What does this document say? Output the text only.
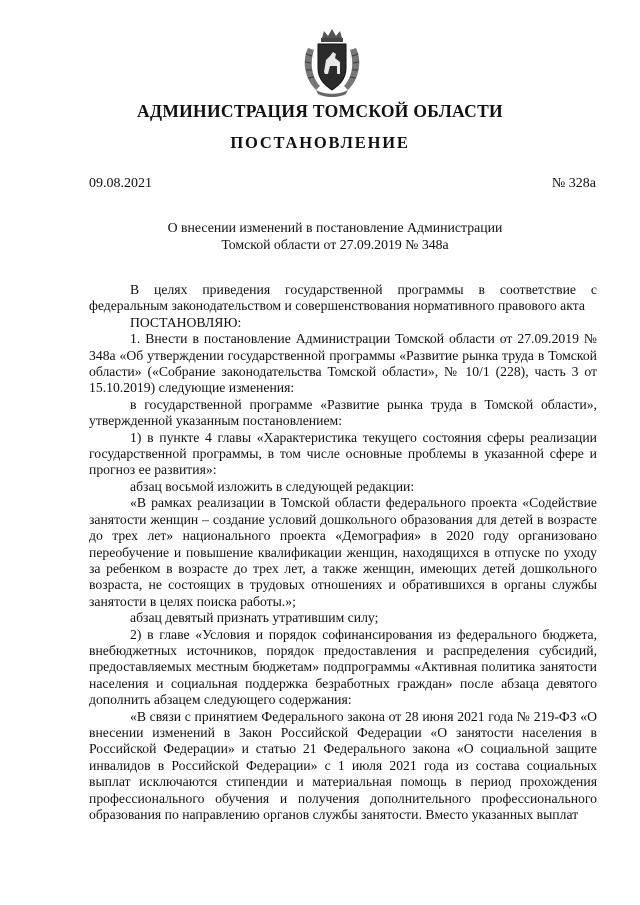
АДМИНИСТРАЦИЯ ТОМСКОЙ ОБЛАСТИ
ПОСТАНОВЛЕНИЕ
09.08.2021	№ 328а
О внесении изменений в постановление Администрации
Томской области от 27.09.2019 № 348а

В целях приведения государственной программы в соответствие с федеральным законодательством и совершенствования нормативного правового акта

ПОСТАНОВЛЯЮ:

1. Внести в постановление Администрации Томской области от 27.09.2019 № 348а «Об утверждении государственной программы «Развитие рынка труда в Томской области» («Собрание законодательства Томской области», № 10/1 (228), часть 3 от 15.10.2019) следующие изменения:

в государственной программе «Развитие рынка труда в Томской области», утвержденной указанным постановлением:

1) в пункте 4 главы «Характеристика текущего состояния сферы реализации государственной программы, в том числе основные проблемы в указанной сфере и прогноз ее развития»:

абзац восьмой изложить в следующей редакции:

«В рамках реализации в Томской области федерального проекта «Содействие занятости женщин – создание условий дошкольного образования для детей в возрасте до трех лет» национального проекта «Демография» в 2020 году организовано переобучение и повышение квалификации женщин, находящихся в отпуске по уходу за ребенком в возрасте до трех лет, а также женщин, имеющих детей дошкольного возраста, не состоящих в трудовых отношениях и обратившихся в органы службы занятости в целях поиска работы.»;

абзац девятый признать утратившим силу;

2) в главе «Условия и порядок софинансирования из федерального бюджета, внебюджетных источников, порядок предоставления и распределения субсидий, предоставляемых местным бюджетам» подпрограммы «Активная политика занятости населения и социальная поддержка безработных граждан» после абзаца девятого дополнить абзацем следующего содержания:

«В связи с принятием Федерального закона от 28 июня 2021 года № 219-ФЗ «О внесении изменений в Закон Российской Федерации «О занятости населения в Российской Федерации» и статью 21 Федерального закона «О социальной защите инвалидов в Российской Федерации» с 1 июля 2021 года из состава социальных выплат исключаются стипендии и материальная помощь в период прохождения профессионального обучения и получения дополнительного профессионального образования по направлению органов службы занятости. Вместо указанных выплат
